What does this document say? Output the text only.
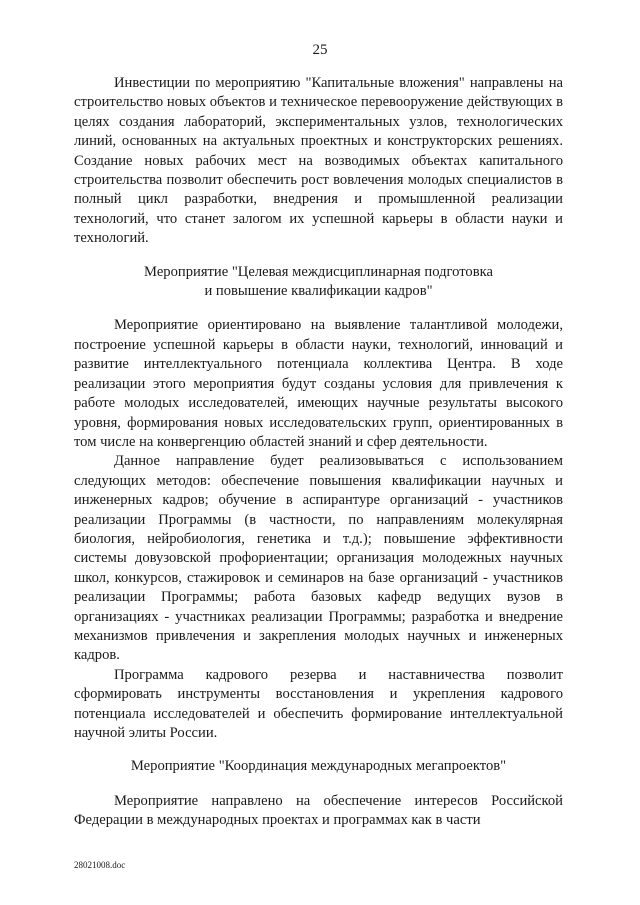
25

Инвестиции по мероприятию "Капитальные вложения" направлены на строительство новых объектов и техническое перевооружение действующих в целях создания лабораторий, экспериментальных узлов, технологических линий, основанных на актуальных проектных и конструкторских решениях. Создание новых рабочих мест на возводимых объектах капитального строительства позволит обеспечить рост вовлечения молодых специалистов в полный цикл разработки, внедрения и промышленной реализации технологий, что станет залогом их успешной карьеры в области науки и технологий.

Мероприятие "Целевая междисциплинарная подготовка
и повышение квалификации кадров"

Мероприятие ориентировано на выявление талантливой молодежи, построение успешной карьеры в области науки, технологий, инноваций и развитие интеллектуального потенциала коллектива Центра. В ходе реализации этого мероприятия будут созданы условия для привлечения к работе молодых исследователей, имеющих научные результаты высокого уровня, формирования новых исследовательских групп, ориентированных в том числе на конвергенцию областей знаний и сфер деятельности.

Данное направление будет реализовываться с использованием следующих методов: обеспечение повышения квалификации научных и инженерных кадров; обучение в аспирантуре организаций - участников реализации Программы (в частности, по направлениям молекулярная биология, нейробиология, генетика и т.д.); повышение эффективности системы довузовской профориентации; организация молодежных научных школ, конкурсов, стажировок и семинаров на базе организаций - участников реализации Программы; работа базовых кафедр ведущих вузов в организациях - участниках реализации Программы; разработка и внедрение механизмов привлечения и закрепления молодых научных и инженерных кадров.

Программа кадрового резерва и наставничества позволит сформировать инструменты восстановления и укрепления кадрового потенциала исследователей и обеспечить формирование интеллектуальной научной элиты России.

Мероприятие "Координация международных мегапроектов"

Мероприятие направлено на обеспечение интересов Российской Федерации в международных проектах и программах как в части

28021008.doc
